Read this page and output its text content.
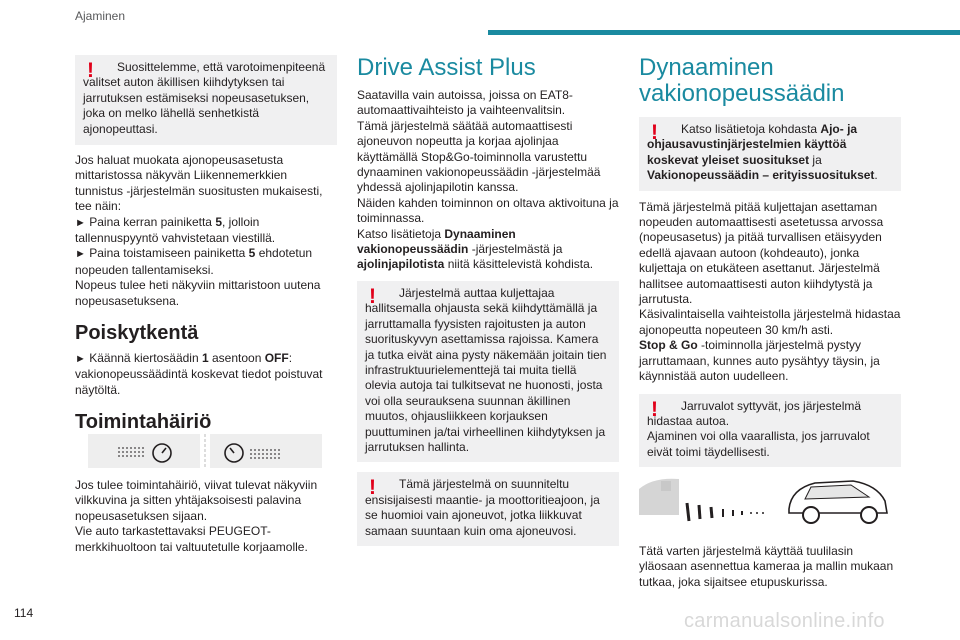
Ajaminen
!	Suosittelemme, että varotoimenpiteenä valitset auton äkillisen kiihdytyksen tai jarrutuksen estämiseksi nopeusasetuksen, joka on melko lähellä senhetkistä ajonopeuttasi.

Jos haluat muokata ajonopeusasetusta mittaristossa näkyvän Liikennemerkkien tunnistus -järjestelmän suositusten mukaisesti, tee näin:

► Paina kerran painiketta 5, jolloin tallennuspyyntö vahvistetaan viestillä.

► Paina toistamiseen painiketta 5 ehdotetun nopeuden tallentamiseksi.

Nopeus tulee heti näkyviin mittaristoon uutena nopeusasetuksena.

Poiskytkentä

► Käännä kiertosäädin 1 asentoon OFF: vakionopeussäädintä koskevat tiedot poistuvat näytöltä.

Toimintahäiriö

Jos tulee toimintahäiriö, viivat tulevat näkyviin vilkkuvina ja sitten yhtäjaksoisesti palavina nopeusasetuksen sijaan.
Vie auto tarkastettavaksi PEUGEOT-merkkihuoltoon tai valtuutetulle korjaamolle.

Drive Assist Plus

Saatavilla vain autoissa, joissa on EAT8-automaattivaihteisto ja vaihteenvalitsin.
Tämä järjestelmä säätää automaattisesti ajoneuvon nopeutta ja korjaa ajolinjaa käyttämällä Stop&Go-toiminnolla varustettu dynaaminen vakionopeussäädin -järjestelmää yhdessä ajolinjapilotin kanssa.
Näiden kahden toiminnon on oltava aktivoituna ja toiminnassa.

Katso lisätietoja Dynaaminen vakionopeussäädin -järjestelmästä ja ajolinjapilotista niitä käsittelevistä kohdista.

!	Järjestelmä auttaa kuljettajaa hallitsemalla ohjausta sekä kiihdyttämällä ja jarruttamalla fyysisten rajoitusten ja auton suorituskyvyn asettamissa rajoissa. Kamera ja tutka eivät aina pysty näkemään joitain tien infrastruktuurielementtejä tai muita tiellä olevia autoja tai tulkitsevat ne huonosti, josta voi olla seurauksena suunnan äkillinen muutos, ohjausliikkeen korjauksen puuttuminen ja/tai virheellinen kiihdytyksen ja jarrutuksen hallinta.
!	Tämä järjestelmä on suunniteltu ensisijaisesti maantie- ja moottoritieajoon, ja se huomioi vain ajoneuvot, jotka liikkuvat samaan suuntaan kuin oma ajoneuvosi.
Dynaaminen vakionopeussäädin
!	Katso lisätietoja kohdasta Ajo- ja ohjausavustinjärjestelmien käyttöä koskevat yleiset suositukset ja Vakionopeussäädin – erityissuositukset.

Tämä järjestelmä pitää kuljettajan asettaman nopeuden automaattisesti asetetussa arvossa (nopeusasetus) ja pitää turvallisen etäisyyden edellä ajavaan autoon (kohdeauto), jonka kuljettaja on etukäteen asettanut. Järjestelmä hallitsee automaattisesti auton kiihdytystä ja jarrutusta.
Käsivalintaisella vaihteistolla järjestelmä hidastaa ajonopeutta nopeuteen 30 km/h asti.
Stop & Go -toiminnolla järjestelmä pystyy jarruttamaan, kunnes auto pysähtyy täysin, ja käynnistää auton uudelleen.

!	Jarruvalot syttyvät, jos järjestelmä hidastaa autoa.
Ajaminen voi olla vaarallista, jos jarruvalot eivät toimi täydellisesti.

Tätä varten järjestelmä käyttää tuulilasin yläosaan asennettua kameraa ja mallin mukaan tutkaa, joka sijaitsee etupuskurissa.

114	carmanualsonline.info
